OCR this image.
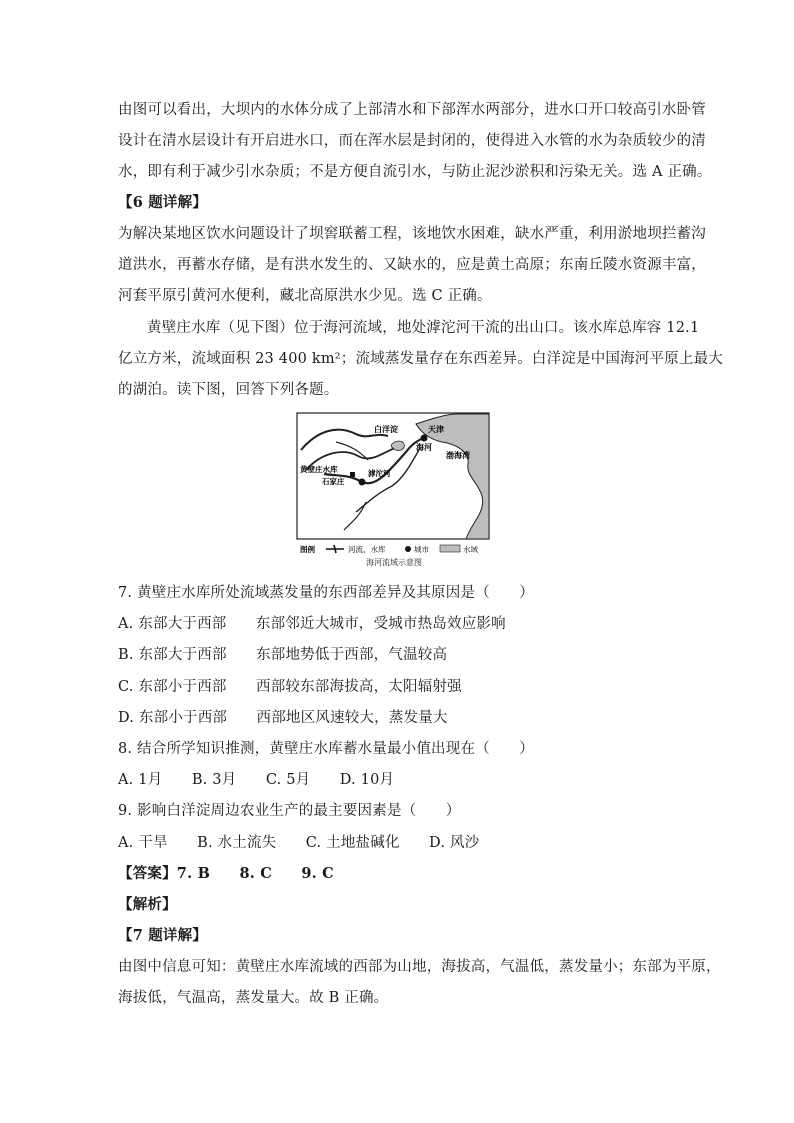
由图可以看出，大坝内的水体分成了上部清水和下部浑水两部分，进水口开口较高引水卧管
设计在清水层设计有开启进水口，而在浑水层是封闭的，使得进入水管的水为杂质较少的清
水，即有利于减少引水杂质；不是方便自流引水，与防止泥沙淤积和污染无关。选 A 正确。
【6 题详解】
为解决某地区饮水问题设计了坝窖联蓄工程，该地饮水困难，缺水严重，利用淤地坝拦蓄沟
道洪水，再蓄水存储，是有洪水发生的、又缺水的，应是黄土高原；东南丘陵水资源丰富，
河套平原引黄河水便利，藏北高原洪水少见。选 C 正确。
黄壁庄水库（见下图）位于海河流域，地处滹沱河干流的出山口。该水库总库容 12.1
亿立方米，流域面积 23 400 km²；流域蒸发量存在东西差异。白洋淀是中国海河平原上最大
的湖泊。读下图，回答下列各题。
白洋淀	天津
海河
渤海湾
黄壁庄水库
石家庄
滹沱河
图例	河流、水库	城市	水域
海河流域示意图
7. 黄壁庄水库所处流域蒸发量的东西部差异及其原因是（　　）
A. 东部大于西部　　东部邻近大城市，受城市热岛效应影响
B. 东部大于西部　　东部地势低于西部，气温较高
C. 东部小于西部　　西部较东部海拔高，太阳辐射强
D. 东部小于西部　　西部地区风速较大，蒸发量大
8. 结合所学知识推测，黄壁庄水库蓄水量最小值出现在（　　）
A. 1月　　B. 3月　　C. 5月　　D. 10月
9. 影响白洋淀周边农业生产的最主要因素是（　　）
A. 干旱　　B. 水土流失　　C. 土地盐碱化　　D. 风沙
【答案】7. B　　8. C　　9. C
【解析】
【7 题详解】
由图中信息可知：黄壁庄水库流域的西部为山地，海拔高，气温低，蒸发量小；东部为平原，
海拔低，气温高，蒸发量大。故 B 正确。
